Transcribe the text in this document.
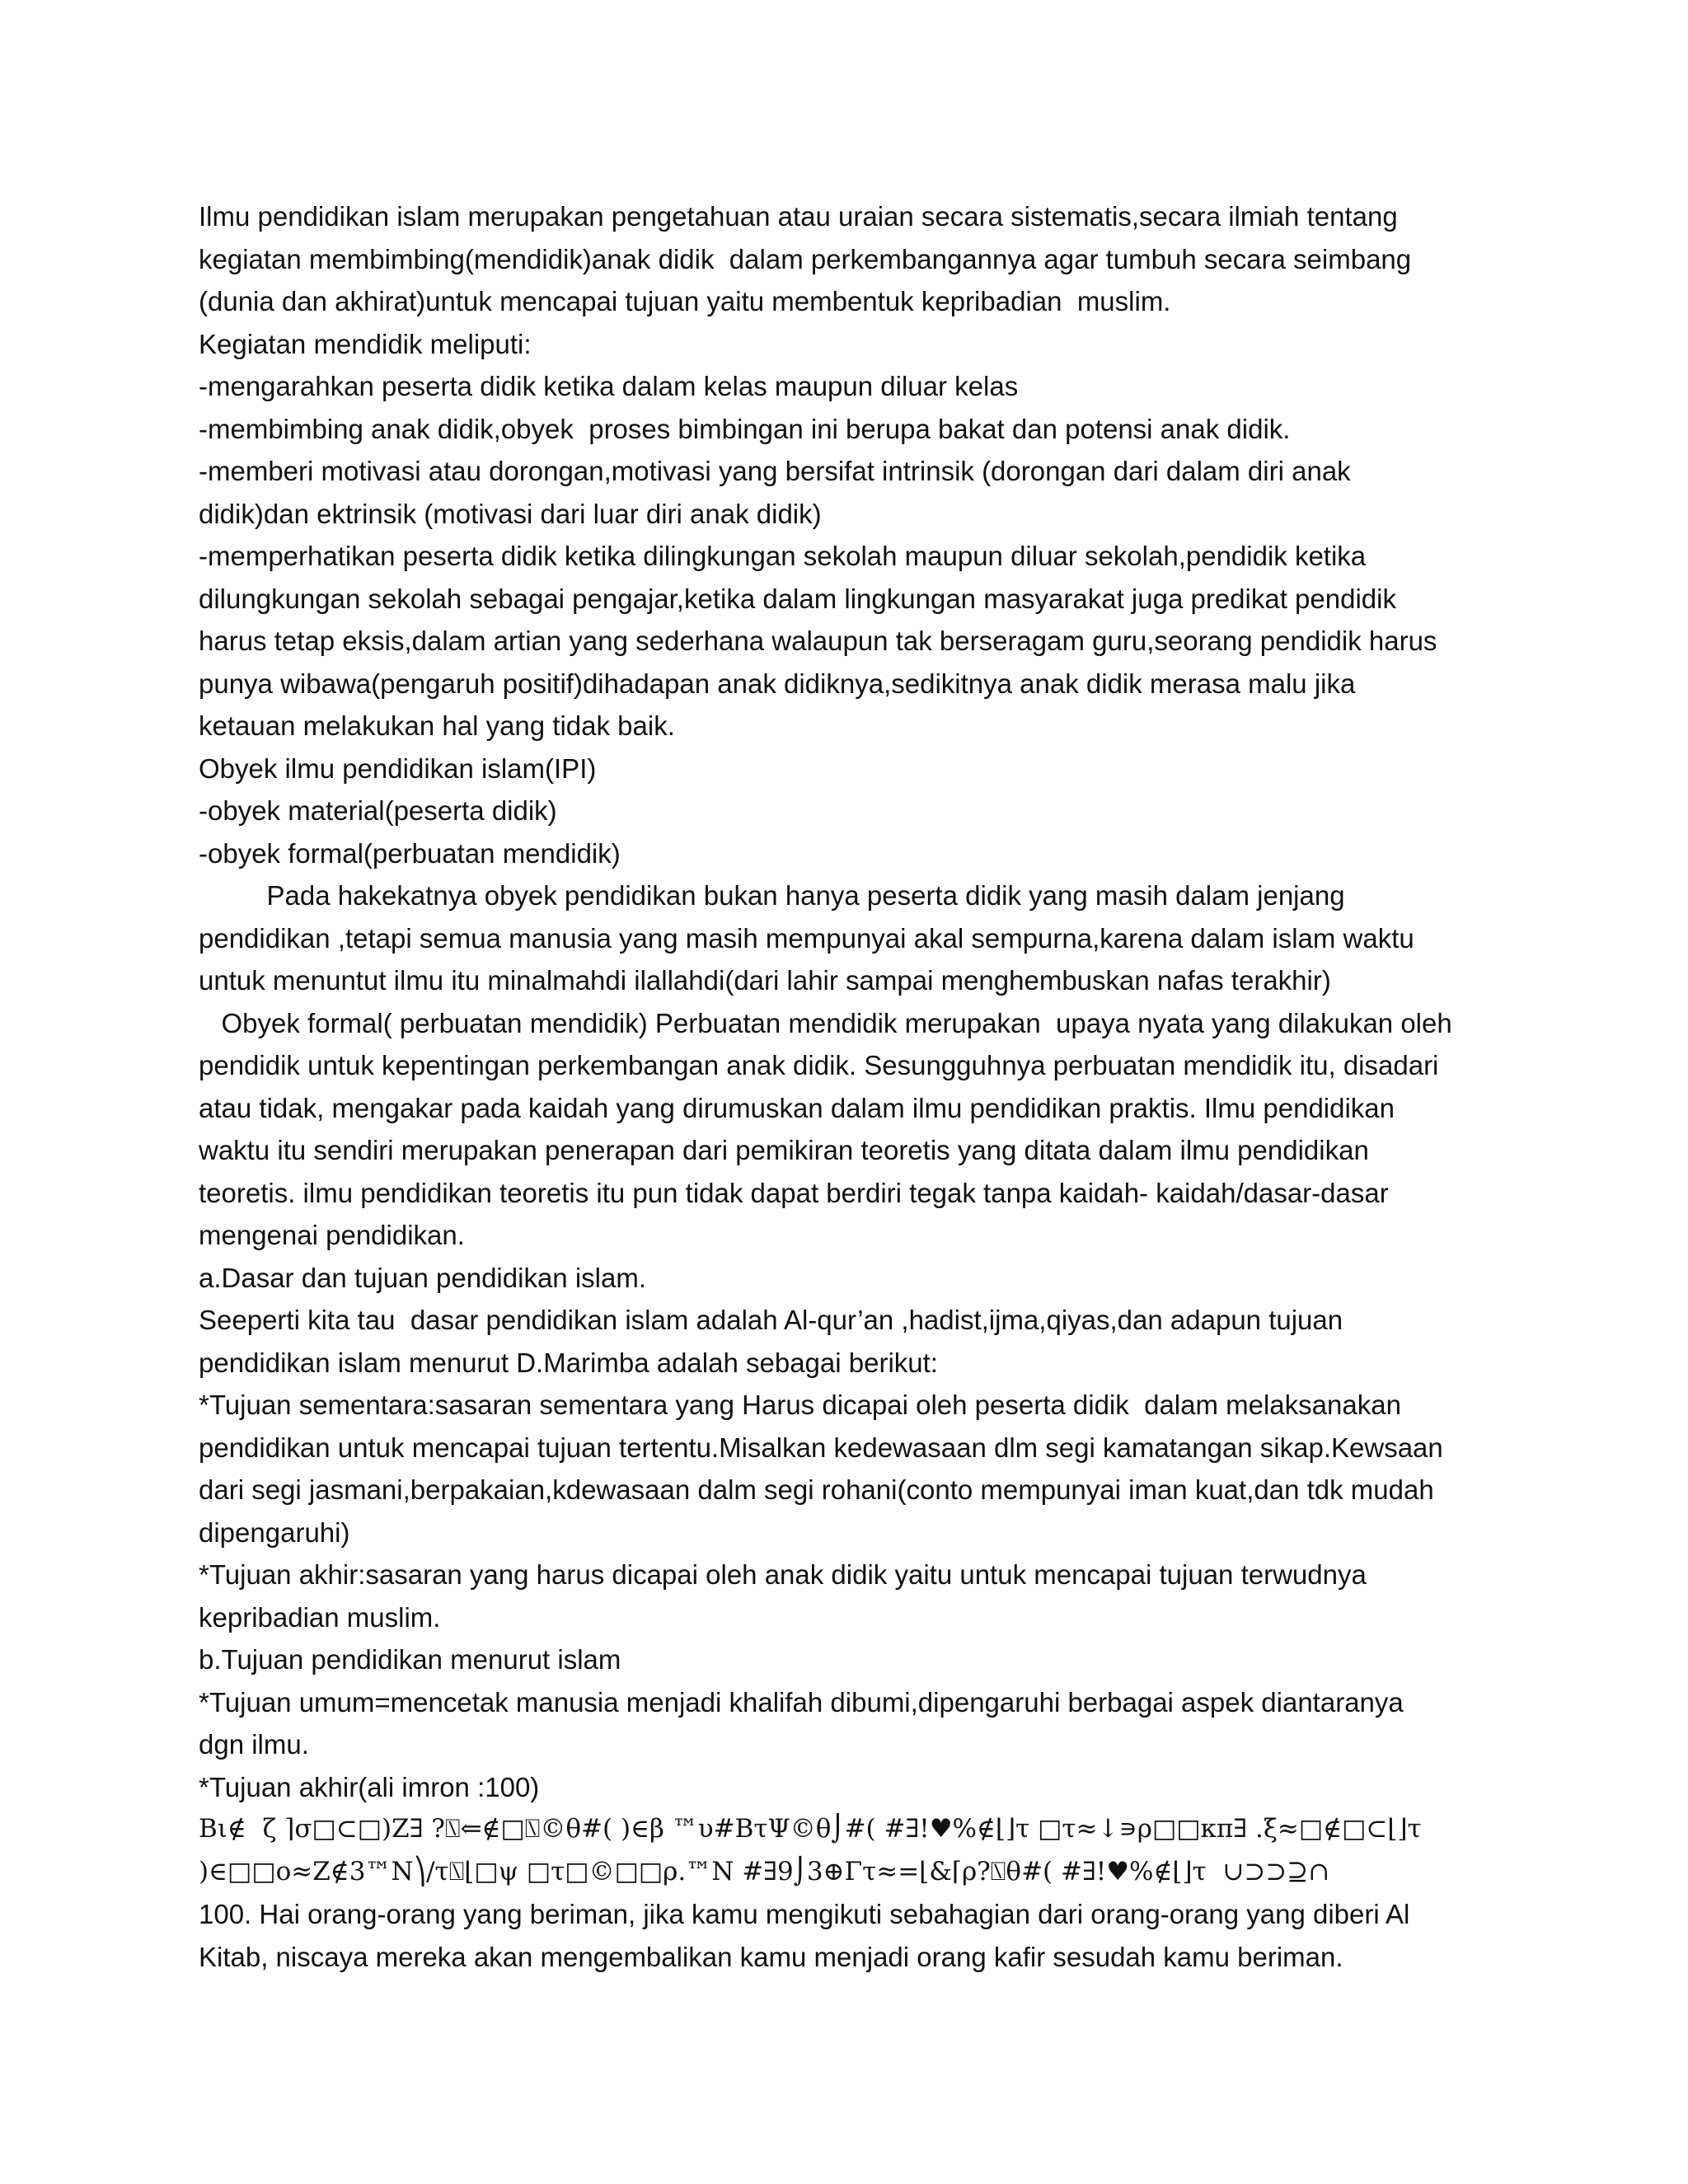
Ilmu pendidikan islam merupakan pengetahuan atau uraian secara sistematis,secara ilmiah tentang
kegiatan membimbing(mendidik)anak didik  dalam perkembangannya agar tumbuh secara seimbang
(dunia dan akhirat)untuk mencapai tujuan yaitu membentuk kepribadian  muslim.
Kegiatan mendidik meliputi:
-mengarahkan peserta didik ketika dalam kelas maupun diluar kelas
-membimbing anak didik,obyek  proses bimbingan ini berupa bakat dan potensi anak didik.
-memberi motivasi atau dorongan,motivasi yang bersifat intrinsik (dorongan dari dalam diri anak
didik)dan ektrinsik (motivasi dari luar diri anak didik)
-memperhatikan peserta didik ketika dilingkungan sekolah maupun diluar sekolah,pendidik ketika
dilungkungan sekolah sebagai pengajar,ketika dalam lingkungan masyarakat juga predikat pendidik
harus tetap eksis,dalam artian yang sederhana walaupun tak berseragam guru,seorang pendidik harus
punya wibawa(pengaruh positif)dihadapan anak didiknya,sedikitnya anak didik merasa malu jika
ketauan melakukan hal yang tidak baik.
Obyek ilmu pendidikan islam(IPI)
-obyek material(peserta didik)
-obyek formal(perbuatan mendidik)
Pada hakekatnya obyek pendidikan bukan hanya peserta didik yang masih dalam jenjang
pendidikan ,tetapi semua manusia yang masih mempunyai akal sempurna,karena dalam islam waktu
untuk menuntut ilmu itu minalmahdi ilallahdi(dari lahir sampai menghembuskan nafas terakhir)
Obyek formal( perbuatan mendidik) Perbuatan mendidik merupakan  upaya nyata yang dilakukan oleh
pendidik untuk kepentingan perkembangan anak didik. Sesungguhnya perbuatan mendidik itu, disadari
atau tidak, mengakar pada kaidah yang dirumuskan dalam ilmu pendidikan praktis. Ilmu pendidikan
waktu itu sendiri merupakan penerapan dari pemikiran teoretis yang ditata dalam ilmu pendidikan
teoretis. ilmu pendidikan teoretis itu pun tidak dapat berdiri tegak tanpa kaidah- kaidah/dasar-dasar
mengenai pendidikan.
a.Dasar dan tujuan pendidikan islam.
Seeperti kita tau  dasar pendidikan islam adalah Al-qur’an ,hadist,ijma,qiyas,dan adapun tujuan
pendidikan islam menurut D.Marimba adalah sebagai berikut:
*Tujuan sementara:sasaran sementara yang Harus dicapai oleh peserta didik  dalam melaksanakan
pendidikan untuk mencapai tujuan tertentu.Misalkan kedewasaan dlm segi kamatangan sikap.Kewsaan
dari segi jasmani,berpakaian,kdewasaan dalm segi rohani(conto mempunyai iman kuat,dan tdk mudah
dipengaruhi)
*Tujuan akhir:sasaran yang harus dicapai oleh anak didik yaitu untuk mencapai tujuan terwudnya
kepribadian muslim.
b.Tujuan pendidikan menurut islam
*Tujuan umum=mencetak manusia menjadi khalifah dibumi,dipengaruhi berbagai aspek diantaranya
dgn ilmu.
*Tujuan akhir(ali imron :100)
Bι∉  ζ ⌉σ□⊂□)Z∃ ?⍂⇐∉□⍂©θ#( )∈β ™υ#BτΨ©θ⌡#( #∃!♥%∉⌊⌋τ □τ≈↓∍ρ□□κπ∃ .ξ≈□∉□⊂⌊⌋τ
)∈□□o≈Z∉3™N⎞/τ⍂⌊□ψ □τ□©□□ρ.™N #∃9⌡3⊕Γτ≈=⌊&⌈ρ?⍂θ#( #∃!♥%∉⌊⌋τ  ∪⊃⊃⊇∩
100. Hai orang-orang yang beriman, jika kamu mengikuti sebahagian dari orang-orang yang diberi Al
Kitab, niscaya mereka akan mengembalikan kamu menjadi orang kafir sesudah kamu beriman.
